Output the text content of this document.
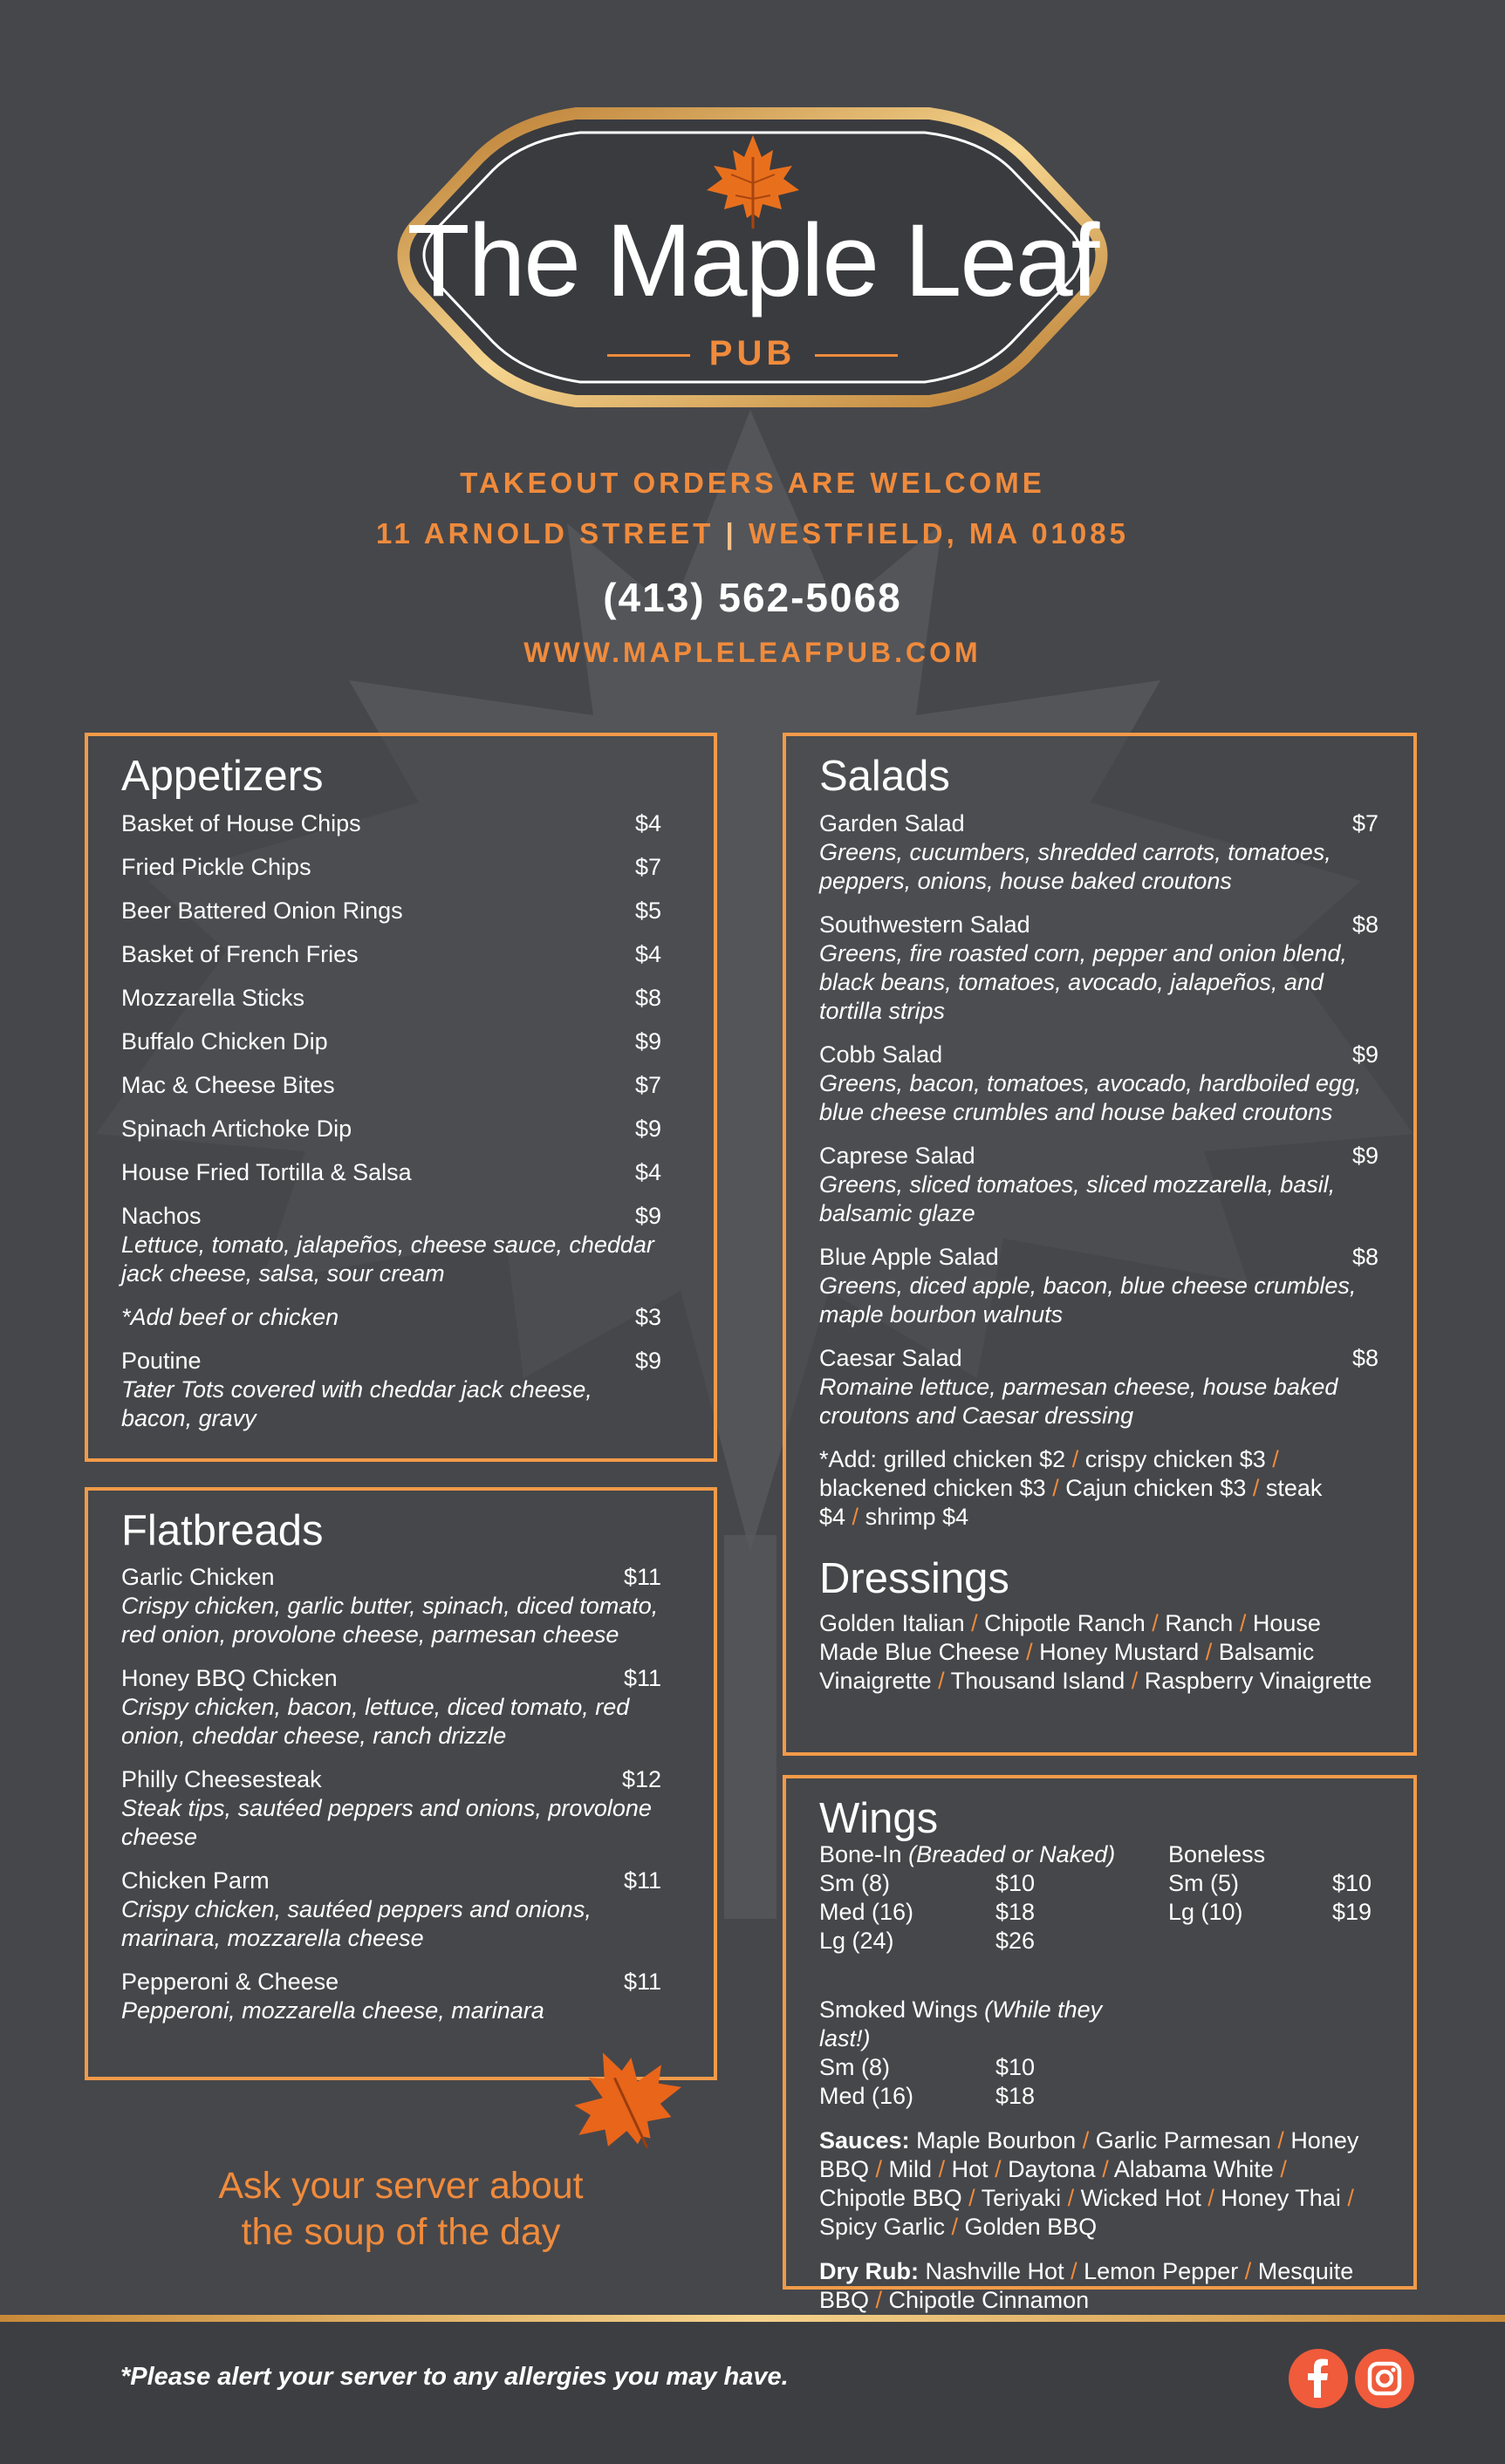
The Maple Leaf
PUB
TAKEOUT ORDERS ARE WELCOME
11 ARNOLD STREET | WESTFIELD, MA 01085
(413) 562-5068
WWW.MAPLELEAFPUB.COM
Appetizers
Basket of House Chips	$4
Fried Pickle Chips	$7
Beer Battered Onion Rings	$5
Basket of French Fries	$4
Mozzarella Sticks	$8
Buffalo Chicken Dip	$9
Mac & Cheese Bites	$7
Spinach Artichoke Dip	$9
House Fried Tortilla & Salsa	$4
Nachos	$9
Lettuce, tomato, jalapeños, cheese sauce, cheddar jack cheese, salsa, sour cream
*Add beef or chicken	$3
Poutine	$9
Tater Tots covered with cheddar jack cheese, bacon, gravy
Flatbreads
Garlic Chicken	$11
Crispy chicken, garlic butter, spinach, diced tomato, red onion, provolone cheese, parmesan cheese
Honey BBQ Chicken	$11
Crispy chicken, bacon, lettuce, diced tomato, red onion, cheddar cheese, ranch drizzle
Philly Cheesesteak	$12
Steak tips, sautéed peppers and onions, provolone cheese
Chicken Parm	$11
Crispy chicken, sautéed peppers and onions, marinara, mozzarella cheese
Pepperoni & Cheese	$11
Pepperoni, mozzarella cheese, marinara
Ask your server about
the soup of the day
Salads
Garden Salad	$7
Greens, cucumbers, shredded carrots, tomatoes, peppers, onions, house baked croutons
Southwestern Salad	$8
Greens, fire roasted corn, pepper and onion blend, black beans, tomatoes, avocado, jalapeños, and tortilla strips
Cobb Salad	$9
Greens, bacon, tomatoes, avocado, hardboiled egg, blue cheese crumbles and house baked croutons
Caprese Salad	$9
Greens, sliced tomatoes, sliced mozzarella, basil, balsamic glaze
Blue Apple Salad	$8
Greens, diced apple, bacon, blue cheese crumbles, maple bourbon walnuts
Caesar Salad	$8
Romaine lettuce, parmesan cheese, house baked croutons and Caesar dressing
*Add: grilled chicken $2 / crispy chicken $3 / blackened chicken $3 / Cajun chicken $3 / steak $4 / shrimp $4
Dressings
Golden Italian / Chipotle Ranch / Ranch / House Made Blue Cheese / Honey Mustard / Balsamic Vinaigrette / Thousand Island / Raspberry Vinaigrette
Wings
Bone-In (Breaded or Naked)
Sm (8)	$10
Med (16)	$18
Lg (24)	$26
Boneless
Sm (5)	$10
Lg (10)	$19
Smoked Wings (While they last!)
Sm (8)	$10
Med (16)	$18
Sauces: Maple Bourbon / Garlic Parmesan / Honey BBQ / Mild / Hot / Daytona / Alabama White / Chipotle BBQ / Teriyaki / Wicked Hot / Honey Thai / Spicy Garlic / Golden BBQ
Dry Rub: Nashville Hot / Lemon Pepper / Mesquite BBQ / Chipotle Cinnamon
*Please alert your server to any allergies you may have.
